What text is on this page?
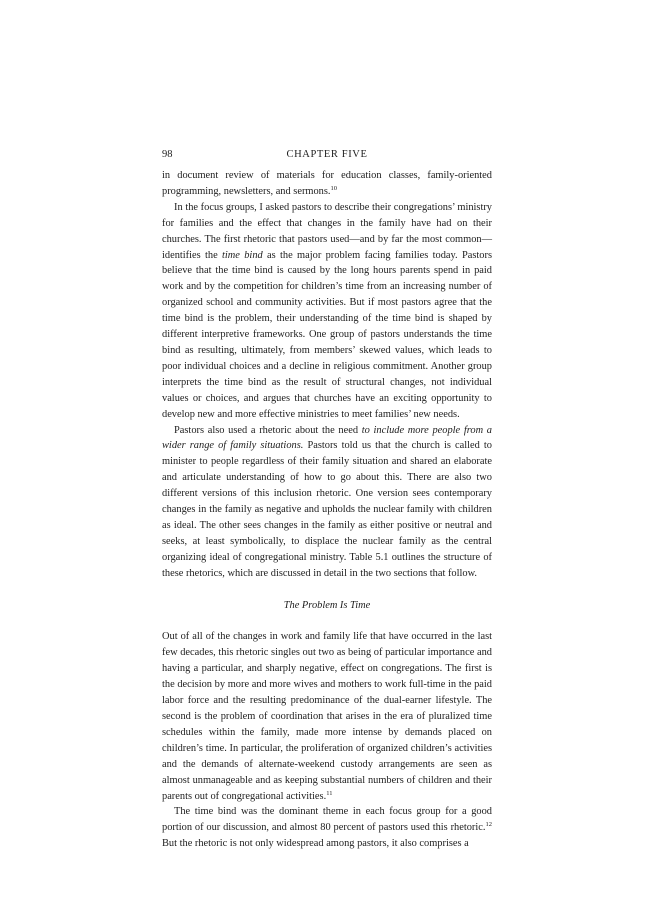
98	CHAPTER FIVE

in document review of materials for education classes, family-oriented programming, newsletters, and sermons.$^{10}$

In the focus groups, I asked pastors to describe their congregations’ ministry for families and the effect that changes in the family have had on their churches. The first rhetoric that pastors used—and by far the most common—identifies the time bind as the major problem facing families today. Pastors believe that the time bind is caused by the long hours parents spend in paid work and by the competition for children’s time from an increasing number of organized school and community activities. But if most pastors agree that the time bind is the problem, their understanding of the time bind is shaped by different interpretive frameworks. One group of pastors understands the time bind as resulting, ultimately, from members’ skewed values, which leads to poor individual choices and a decline in religious commitment. Another group interprets the time bind as the result of structural changes, not individual values or choices, and argues that churches have an exciting opportunity to develop new and more effective ministries to meet families’ new needs.

Pastors also used a rhetoric about the need to include more people from a wider range of family situations. Pastors told us that the church is called to minister to people regardless of their family situation and shared an elaborate and articulate understanding of how to go about this. There are also two different versions of this inclusion rhetoric. One version sees contemporary changes in the family as negative and upholds the nuclear family with children as ideal. The other sees changes in the family as either positive or neutral and seeks, at least symbolically, to displace the nuclear family as the central organizing ideal of congregational ministry. Table 5.1 outlines the structure of these rhetorics, which are discussed in detail in the two sections that follow.

The Problem Is Time

Out of all of the changes in work and family life that have occurred in the last few decades, this rhetoric singles out two as being of particular importance and having a particular, and sharply negative, effect on congregations. The first is the decision by more and more wives and mothers to work full-time in the paid labor force and the resulting predominance of the dual-earner lifestyle. The second is the problem of coordination that arises in the era of pluralized time schedules within the family, made more intense by demands placed on children’s time. In particular, the proliferation of organized children’s activities and the demands of alternate-weekend custody arrangements are seen as almost unmanageable and as keeping substantial numbers of children and their parents out of congregational activities.$^{11}$

The time bind was the dominant theme in each focus group for a good portion of our discussion, and almost 80 percent of pastors used this rhetoric.$^{12}$ But the rhetoric is not only widespread among pastors, it also comprises a
